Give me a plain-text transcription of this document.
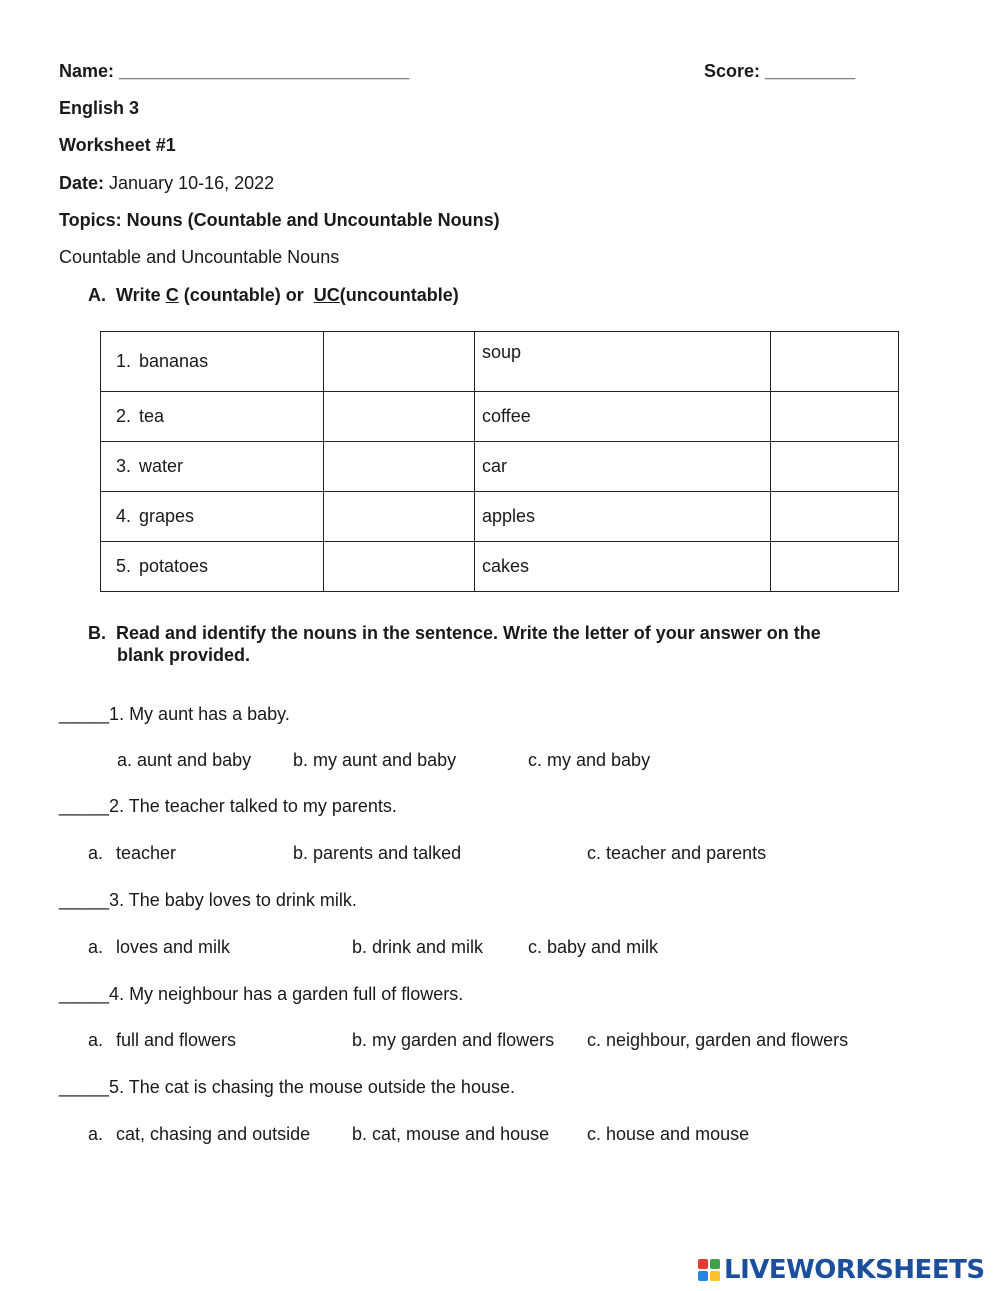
Name: _____________________________	Score: _________
English 3
Worksheet #1
Date: January 10-16, 2022
Topics: Nouns (Countable and Uncountable Nouns)
Countable and Uncountable Nouns
A. Write C (countable) or UC(uncountable)
1. bananas		soup	
2. tea		coffee	
3. water		car	
4. grapes		apples	
5. potatoes		cakes	
B. Read and identify the nouns in the sentence. Write the letter of your answer on the
blank provided.
_____1. My aunt has a baby.
a. aunt and baby b. my aunt and baby	c. my and baby
_____2. The teacher talked to my parents.
a. teacher	b. parents and talked	c. teacher and parents
_____3. The baby loves to drink milk.
a. loves and milk	b. drink and milk c. baby and milk
_____4. My neighbour has a garden full of flowers.
a. full and flowers	b. my garden and flowers c. neighbour, garden and flowers
_____5. The cat is chasing the mouse outside the house.
a. cat, chasing and outside b. cat, mouse and house c. house and mouse
LIVEWORKSHEETS
